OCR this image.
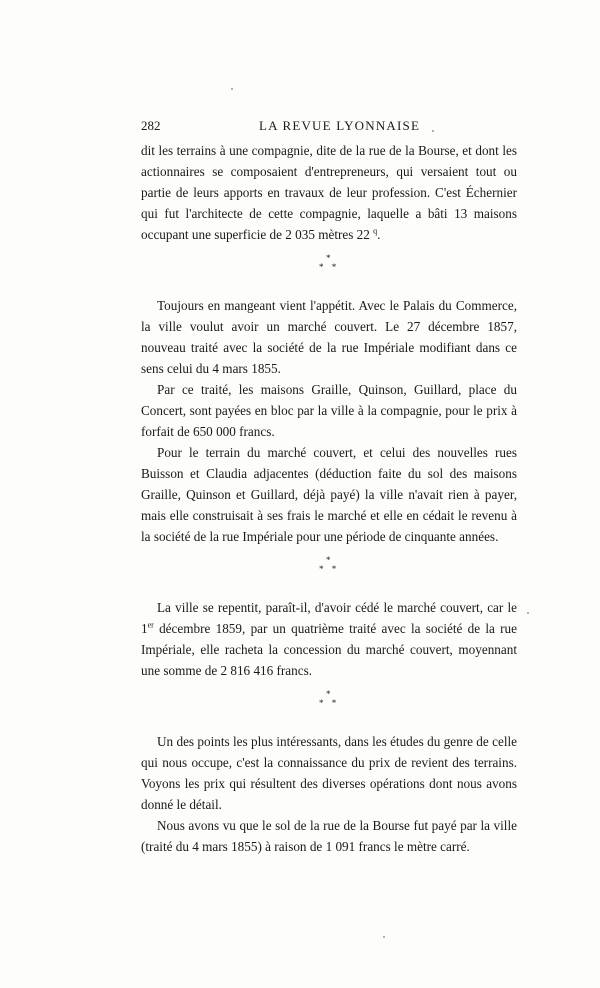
282	LA REVUE LYONNAISE

dit les terrains à une compagnie, dite de la rue de la Bourse, et dont les actionnaires se composaient d'entrepreneurs, qui versaient tout ou partie de leurs apports en travaux de leur profession. C'est Échernier qui fut l'architecte de cette compagnie, laquelle a bâti 13 maisons occupant une superficie de 2 035 mètres 22 $^q$.

*
* *

Toujours en mangeant vient l'appétit. Avec le Palais du Commerce, la ville voulut avoir un marché couvert. Le 27 décembre 1857, nouveau traité avec la société de la rue Impériale modifiant dans ce sens celui du 4 mars 1855.

Par ce traité, les maisons Graille, Quinson, Guillard, place du Concert, sont payées en bloc par la ville à la compagnie, pour le prix à forfait de 650 000 francs.

Pour le terrain du marché couvert, et celui des nouvelles rues Buisson et Claudia adjacentes (déduction faite du sol des maisons Graille, Quinson et Guillard, déjà payé) la ville n'avait rien à payer, mais elle construisait à ses frais le marché et elle en cédait le revenu à la société de la rue Impériale pour une période de cinquante années.

*
* *

La ville se repentit, paraît-il, d'avoir cédé le marché couvert, car le 1er décembre 1859, par un quatrième traité avec la société de la rue Impériale, elle racheta la concession du marché couvert, moyennant une somme de 2 816 416 francs.

*
* *

Un des points les plus intéressants, dans les études du genre de celle qui nous occupe, c'est la connaissance du prix de revient des terrains. Voyons les prix qui résultent des diverses opérations dont nous avons donné le détail.

Nous avons vu que le sol de la rue de la Bourse fut payé par la ville (traité du 4 mars 1855) à raison de 1 091 francs le mètre carré.
